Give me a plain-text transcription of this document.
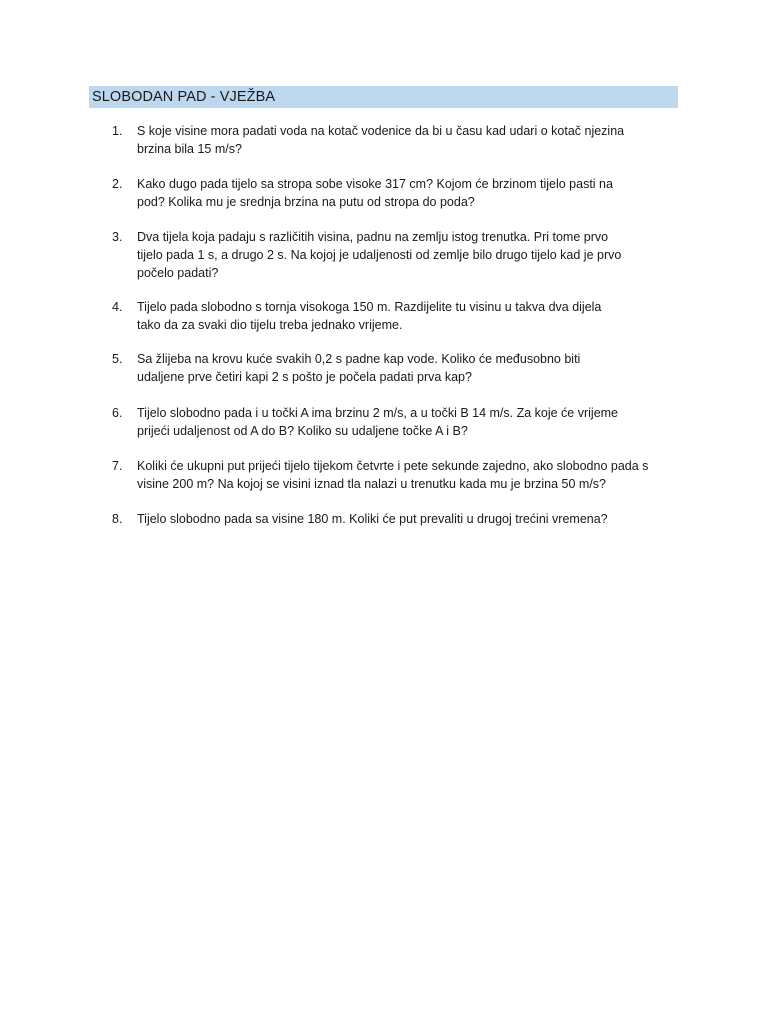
SLOBODAN PAD - VJEŽBA
1.	S koje visine mora padati voda na kotač vodenice da bi u času kad udari o kotač njezina
brzina bila 15 m/s?
2.	Kako dugo pada tijelo sa stropa sobe visoke 317 cm? Kojom će brzinom tijelo pasti na
pod? Kolika mu je srednja brzina na putu od stropa do poda?
3.	Dva tijela koja padaju s različitih visina, padnu na zemlju istog trenutka. Pri tome prvo
tijelo pada 1 s, a drugo 2 s. Na kojoj je udaljenosti od zemlje bilo drugo tijelo kad je prvo
počelo padati?
4.	Tijelo pada slobodno s tornja visokoga 150 m. Razdijelite tu visinu u takva dva dijela
tako da za svaki dio tijelu treba jednako vrijeme.
5.	Sa žlijeba na krovu kuće svakih 0,2 s padne kap vode. Koliko će međusobno biti
udaljene prve četiri kapi 2 s pošto je počela padati prva kap?
6.	Tijelo slobodno pada i u točki A ima brzinu 2 m/s, a u točki B 14 m/s. Za koje će vrijeme
prijeći udaljenost od A do B? Koliko su udaljene točke A i B?
7.	Koliki će ukupni put prijeći tijelo tijekom četvrte i pete sekunde zajedno, ako slobodno pada s
visine 200 m? Na kojoj se visini iznad tla nalazi u trenutku kada mu je brzina 50 m/s?
8.	Tijelo slobodno pada sa visine 180 m. Koliki će put prevaliti u drugoj trećini vremena?
